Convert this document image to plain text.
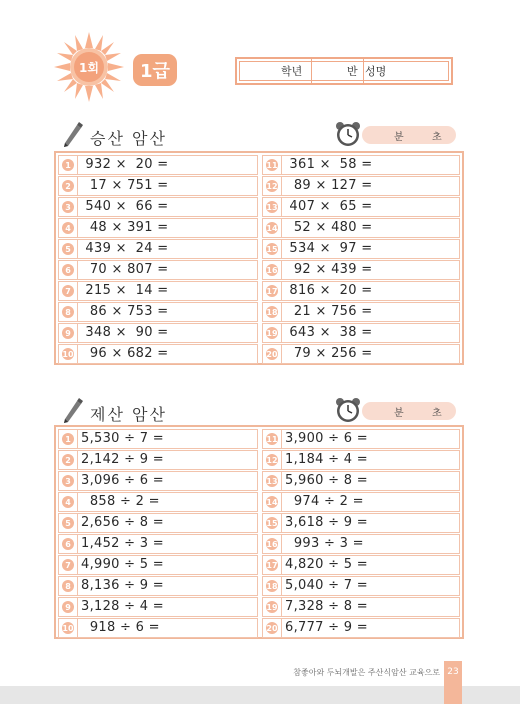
1회	1급	학년	반 성명
승산 암산	분	초
1 932 ×  20 =
2 17 × 751 =
3 540 ×  66 =
4 48 × 391 =
5 439 ×  24 =
6 70 × 807 =
7 215 ×  14 =
8 86 × 753 =
9 348 ×  90 =
10 96 × 682 =
11 361 ×  58 =
12 89 × 127 =
13 407 ×  65 =
14 52 × 480 =
15 534 ×  97 =
16 92 × 439 =
17 816 ×  20 =
18 21 × 756 =
19 643 ×  38 =
20 79 × 256 =
제산 암산	분	초
1 5,530 ÷ 7 =
2 2,142 ÷ 9 =
3 3,096 ÷ 6 =
4 858 ÷ 2 =
5 2,656 ÷ 8 =
6 1,452 ÷ 3 =
7 4,990 ÷ 5 =
8 8,136 ÷ 9 =
9 3,128 ÷ 4 =
10 918 ÷ 6 =
11 3,900 ÷ 6 =
12 1,184 ÷ 4 =
13 5,960 ÷ 8 =
14 974 ÷ 2 =
15 3,618 ÷ 9 =
16 993 ÷ 3 =
17 4,820 ÷ 5 =
18 5,040 ÷ 7 =
19 7,328 ÷ 8 =
20 6,777 ÷ 9 =
참좋아와 두뇌개발은 주산식암산 교육으로 23
